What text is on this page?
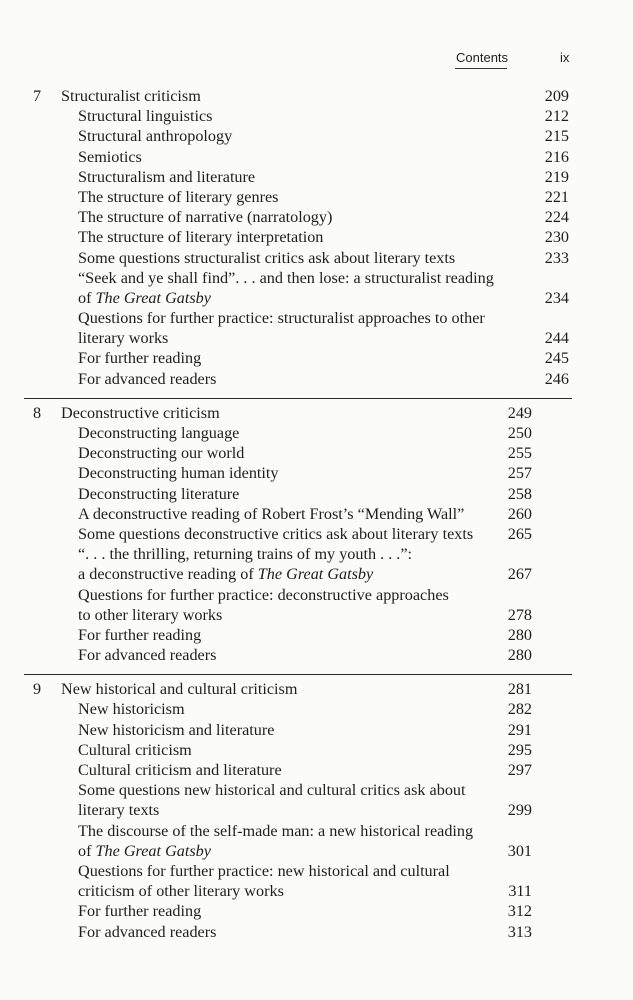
Contents	ix
7 Structuralist criticism	209
Structural linguistics	212
Structural anthropology	215
Semiotics	216
Structuralism and literature	219
The structure of literary genres	221
The structure of narrative (narratology)	224
The structure of literary interpretation	230
Some questions structuralist critics ask about literary texts	233
“Seek and ye shall find”. . . and then lose: a structuralist reading
of The Great Gatsby	234
Questions for further practice: structuralist approaches to other
literary works	244
For further reading	245
For advanced readers	246
8 Deconstructive criticism	249
Deconstructing language	250
Deconstructing our world	255
Deconstructing human identity	257
Deconstructing literature	258
A deconstructive reading of Robert Frost’s “Mending Wall”	260
Some questions deconstructive critics ask about literary texts 265
“. . . the thrilling, returning trains of my youth . . .”:
a deconstructive reading of The Great Gatsby	267
Questions for further practice: deconstructive approaches
to other literary works	278
For further reading	280
For advanced readers	280
9 New historical and cultural criticism	281
New historicism	282
New historicism and literature	291
Cultural criticism	295
Cultural criticism and literature	297
Some questions new historical and cultural critics ask about
literary texts	299
The discourse of the self-made man: a new historical reading
of The Great Gatsby	301
Questions for further practice: new historical and cultural
criticism of other literary works	311
For further reading	312
For advanced readers	313
